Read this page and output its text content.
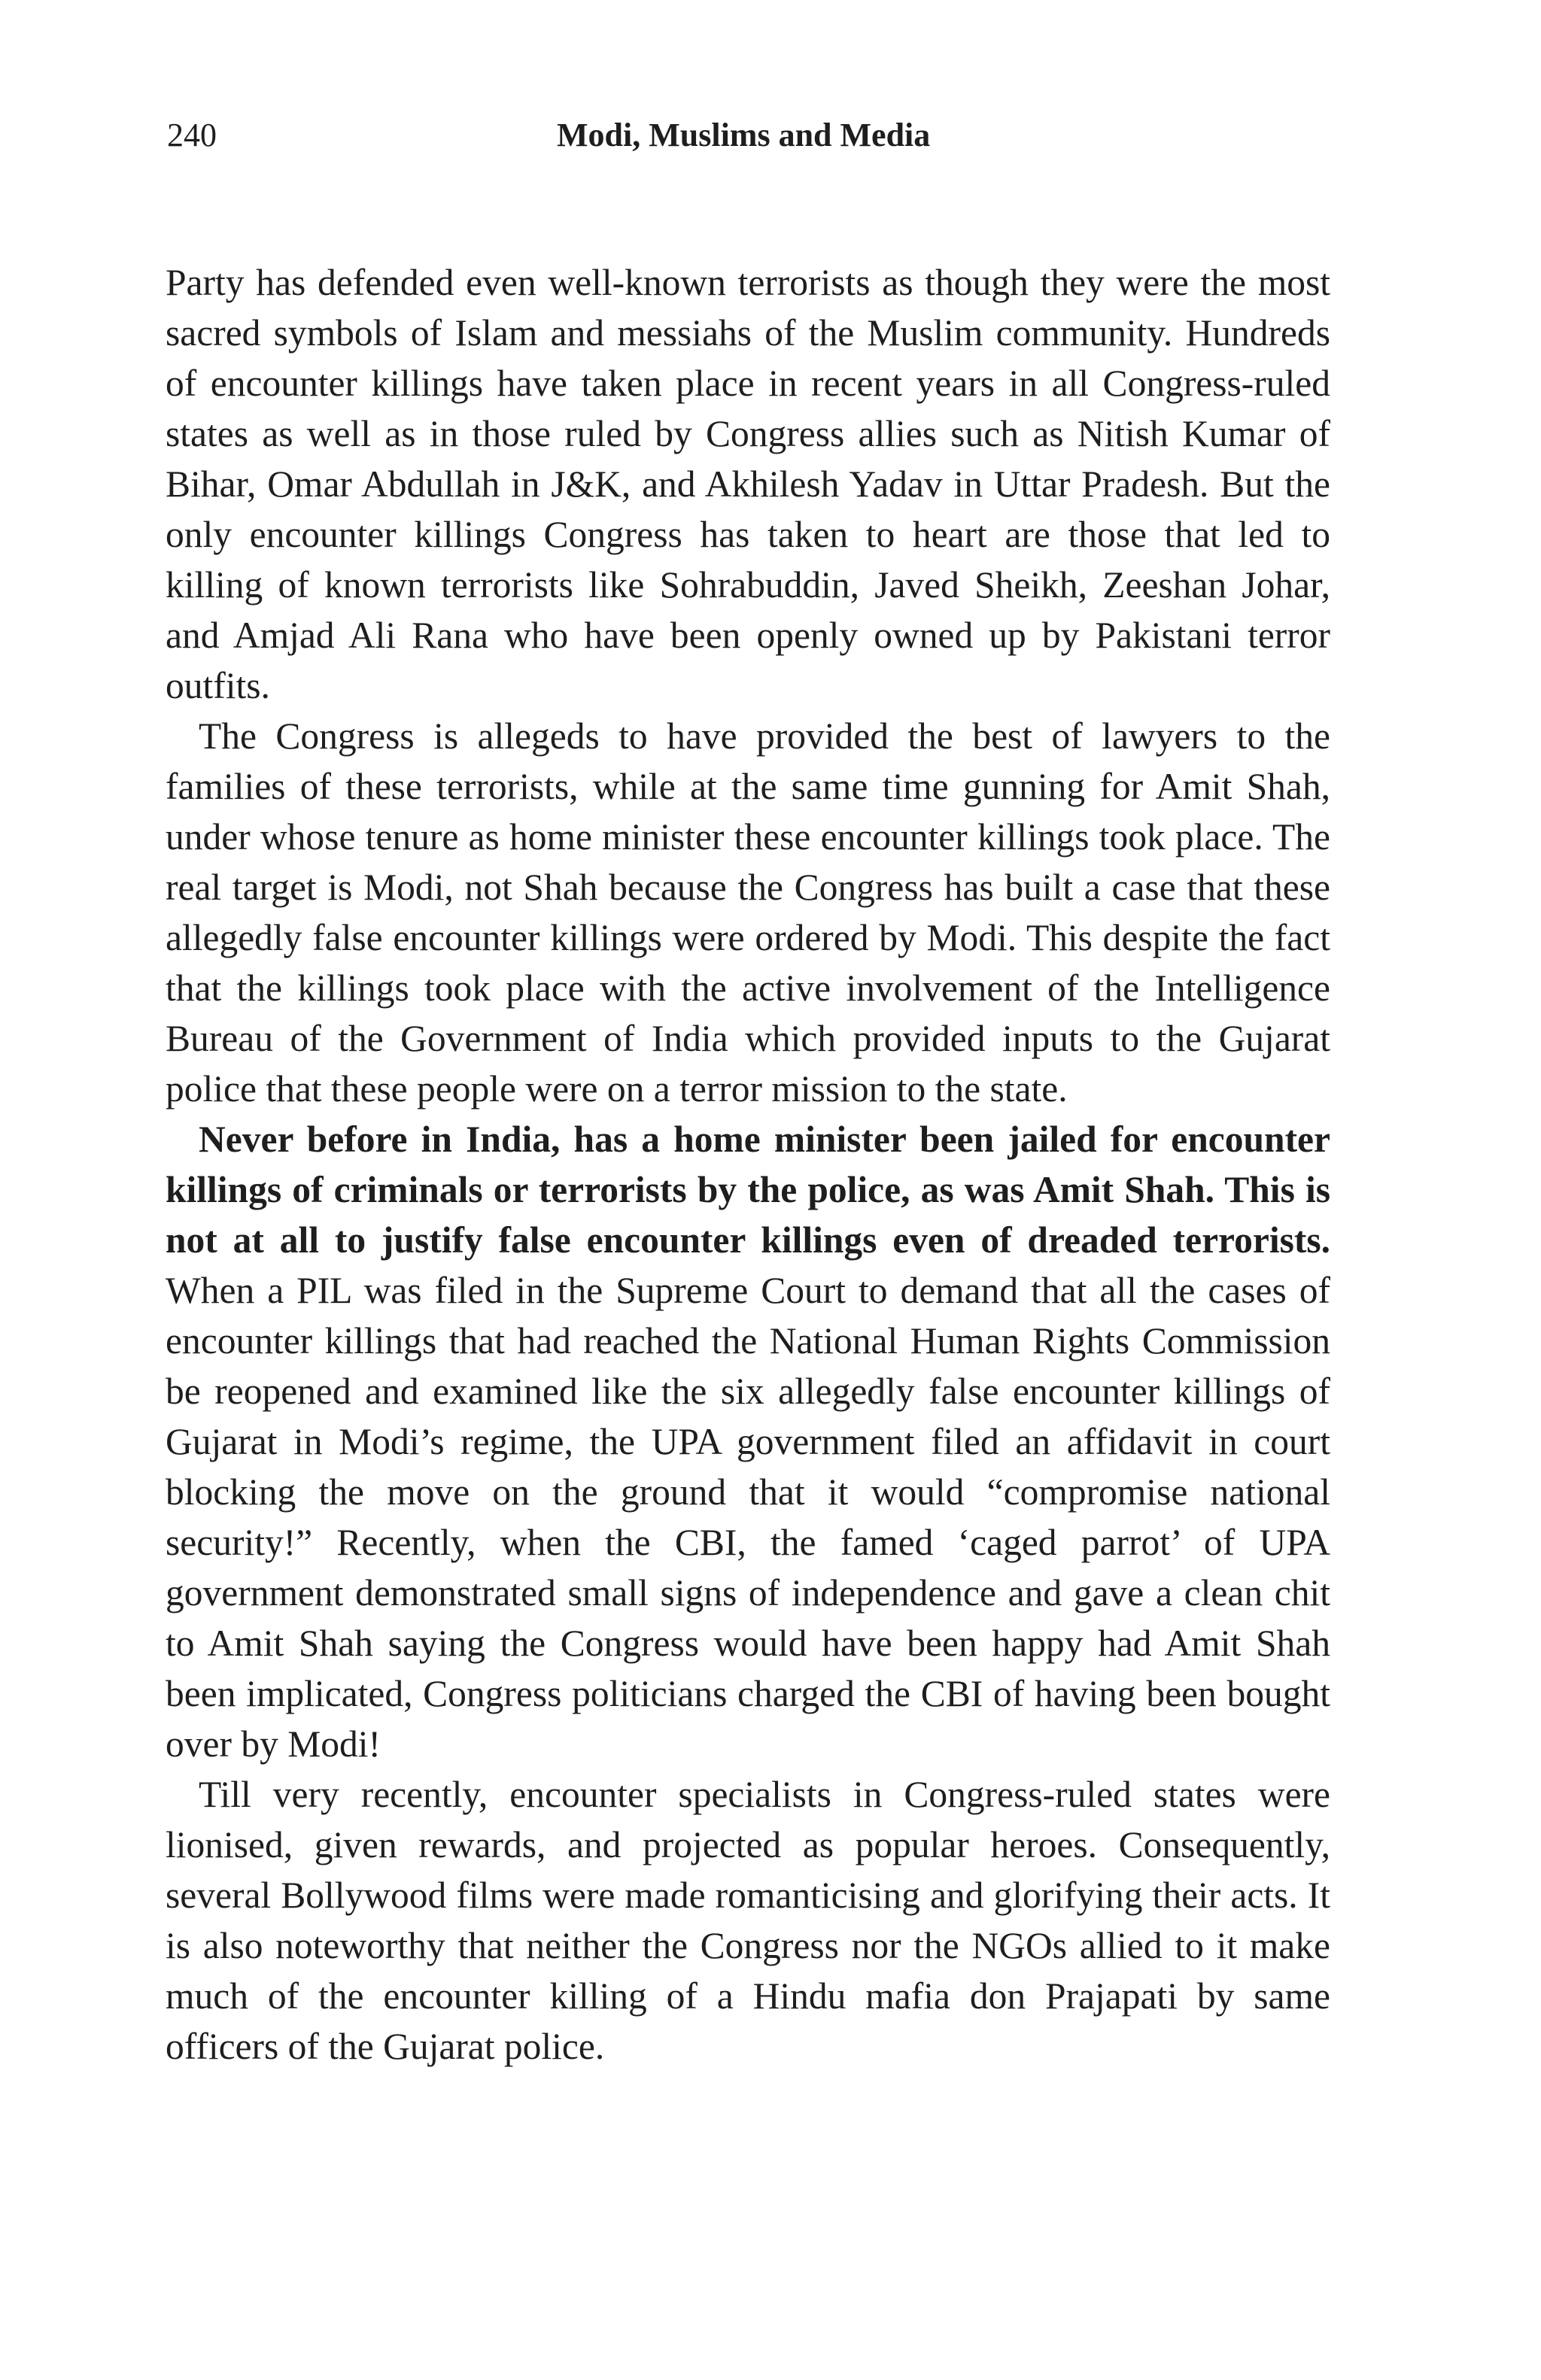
240	Modi, Muslims and Media

Party has defended even well-known terrorists as though they were the most sacred symbols of Islam and messiahs of the Muslim community. Hundreds of encounter killings have taken place in recent years in all Congress-ruled states as well as in those ruled by Congress allies such as Nitish Kumar of Bihar, Omar Abdullah in J&K, and Akhilesh Yadav in Uttar Pradesh. But the only encounter killings Congress has taken to heart are those that led to killing of known terrorists like Sohrabuddin, Javed Sheikh, Zeeshan Johar, and Amjad Ali Rana who have been openly owned up by Pakistani terror outfits.

The Congress is allegeds to have provided the best of lawyers to the families of these terrorists, while at the same time gunning for Amit Shah, under whose tenure as home minister these encounter killings took place. The real target is Modi, not Shah because the Congress has built a case that these allegedly false encounter killings were ordered by Modi. This despite the fact that the killings took place with the active involvement of the Intelligence Bureau of the Government of India which provided inputs to the Gujarat police that these people were on a terror mission to the state.

Never before in India, has a home minister been jailed for encounter killings of criminals or terrorists by the police, as was Amit Shah. This is not at all to justify false encounter killings even of dreaded terrorists. When a PIL was filed in the Supreme Court to demand that all the cases of encounter killings that had reached the National Human Rights Commission be reopened and examined like the six allegedly false encounter killings of Gujarat in Modi’s regime, the UPA government filed an affidavit in court blocking the move on the ground that it would “compromise national security!” Recently, when the CBI, the famed ‘caged parrot’ of UPA government demonstrated small signs of independence and gave a clean chit to Amit Shah saying the Congress would have been happy had Amit Shah been implicated, Congress politicians charged the CBI of having been bought over by Modi!

Till very recently, encounter specialists in Congress-ruled states were lionised, given rewards, and projected as popular heroes. Consequently, several Bollywood films were made romanticising and glorifying their acts. It is also noteworthy that neither the Congress nor the NGOs allied to it make much of the encounter killing of a Hindu mafia don Prajapati by same officers of the Gujarat police.
